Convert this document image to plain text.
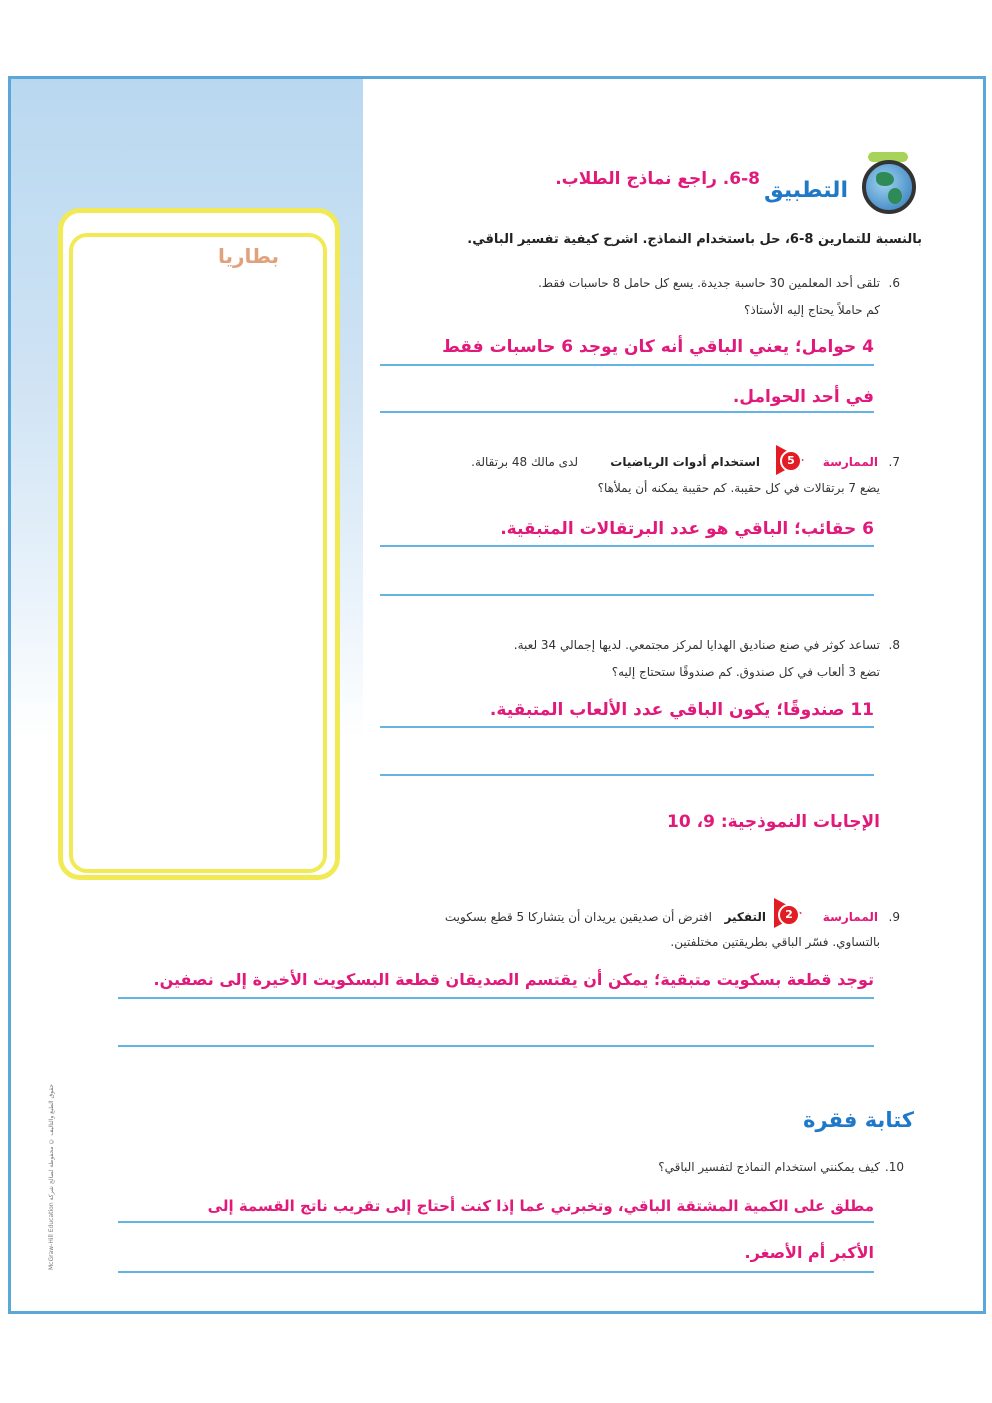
بطاريا
McGraw-Hill Education حقوق الطبع والتأليف © محفوظة لصالح شركة
التطبيق
6-8. راجع نماذج الطلاب.
بالنسبة للتمارين 8-6، حل باستخدام النماذج. اشرح كيفية تفسير الباقي.
6.
تلقى أحد المعلمين 30 حاسبة جديدة. يسع كل حامل 8 حاسبات فقط.
كم حاملاً يحتاج إليه الأستاذ؟
4 حوامل؛ يعني الباقي أنه كان يوجد 6 حاسبات فقط
في أحد الحوامل.
7.
الممارسة
5
استخدام أدوات الرياضيات
لدى مالك 48 برتقالة.
يضع 7 برتقالات في كل حقيبة. كم حقيبة يمكنه أن يملأها؟
6 حقائب؛ الباقي هو عدد البرتقالات المتبقية.
8.
تساعد كوثر في صنع صناديق الهدايا لمركز مجتمعي. لديها إجمالي 34 لعبة.
تضع 3 ألعاب في كل صندوق. كم صندوقًا ستحتاج إليه؟
11 صندوقًا؛ يكون الباقي عدد الألعاب المتبقية.
الإجابات النموذجية: 9، 10
9.
الممارسة
2
التفكير
افترض أن صديقين يريدان أن يتشاركا 5 قطع بسكويت
بالتساوي. فسّر الباقي بطريقتين مختلفتين.
توجد قطعة بسكويت متبقية؛ يمكن أن يقتسم الصديقان قطعة البسكويت الأخيرة إلى نصفين.
كتابة فقرة
10.
كيف يمكنني استخدام النماذج لتفسير الباقي؟
مطلق على الكمية المشتقة الباقي، وتخبرني عما إذا كنت أحتاج إلى تقريب ناتج القسمة إلى
الأكبر أم الأصغر.
